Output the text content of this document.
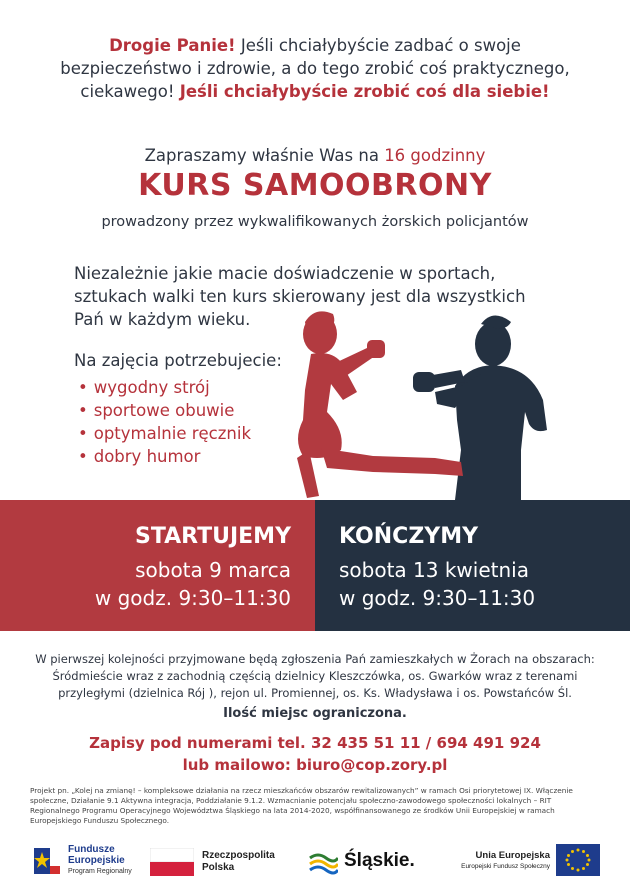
Drogie Panie! Jeśli chciałybyście zadbać o swoje bezpieczeństwo i zdrowie, a do tego zrobić coś praktycznego, ciekawego! Jeśli chciałybyście zrobić coś dla siebie!
Zapraszamy właśnie Was na 16 godzinny
KURS SAMOOBRONY
prowadzony przez wykwalifikowanych żorskich policjantów
Niezależnie jakie macie doświadczenie w sportach, sztukach walki ten kurs skierowany jest dla wszystkich Pań w każdym wieku.
Na zajęcia potrzebujecie:
• wygodny strój
• sportowe obuwie
• optymalnie ręcznik
• dobry humor
STARTUJEMY
sobota 9 marca
w godz. 9:30–11:30
KOŃCZYMY
sobota 13 kwietnia
w godz. 9:30–11:30
W pierwszej kolejności przyjmowane będą zgłoszenia Pań zamieszkałych w Żorach na obszarach:
Śródmieście wraz z zachodnią częścią dzielnicy Kleszczówka, os. Gwarków wraz z terenami
przyległymi (dzielnica Rój ), rejon ul. Promiennej, os. Ks. Władysława i os. Powstańców Śl.
Ilość miejsc ograniczona.
Zapisy pod numerami tel. 32 435 51 11 / 694 491 924
lub mailowo: biuro@cop.zory.pl
Projekt pn. „Kolej na zmianę! – kompleksowe działania na rzecz mieszkańców obszarów rewitalizowanych” w ramach Osi priorytetowej IX. Włączenie społeczne, Działanie 9.1 Aktywna integracja, Poddziałanie 9.1.2. Wzmacnianie potencjału społeczno-zawodowego społeczności lokalnych – RIT Regionalnego Programu Operacyjnego Województwa Śląskiego na lata 2014-2020, współfinansowanego ze środków Unii Europejskiej w ramach Europejskiego Funduszu Społecznego.
Fundusze
Europejskie
Program Regionalny
Rzeczpospolita
Polska	Śląskie.	Unia Europejska
Europejski Fundusz Społeczny
